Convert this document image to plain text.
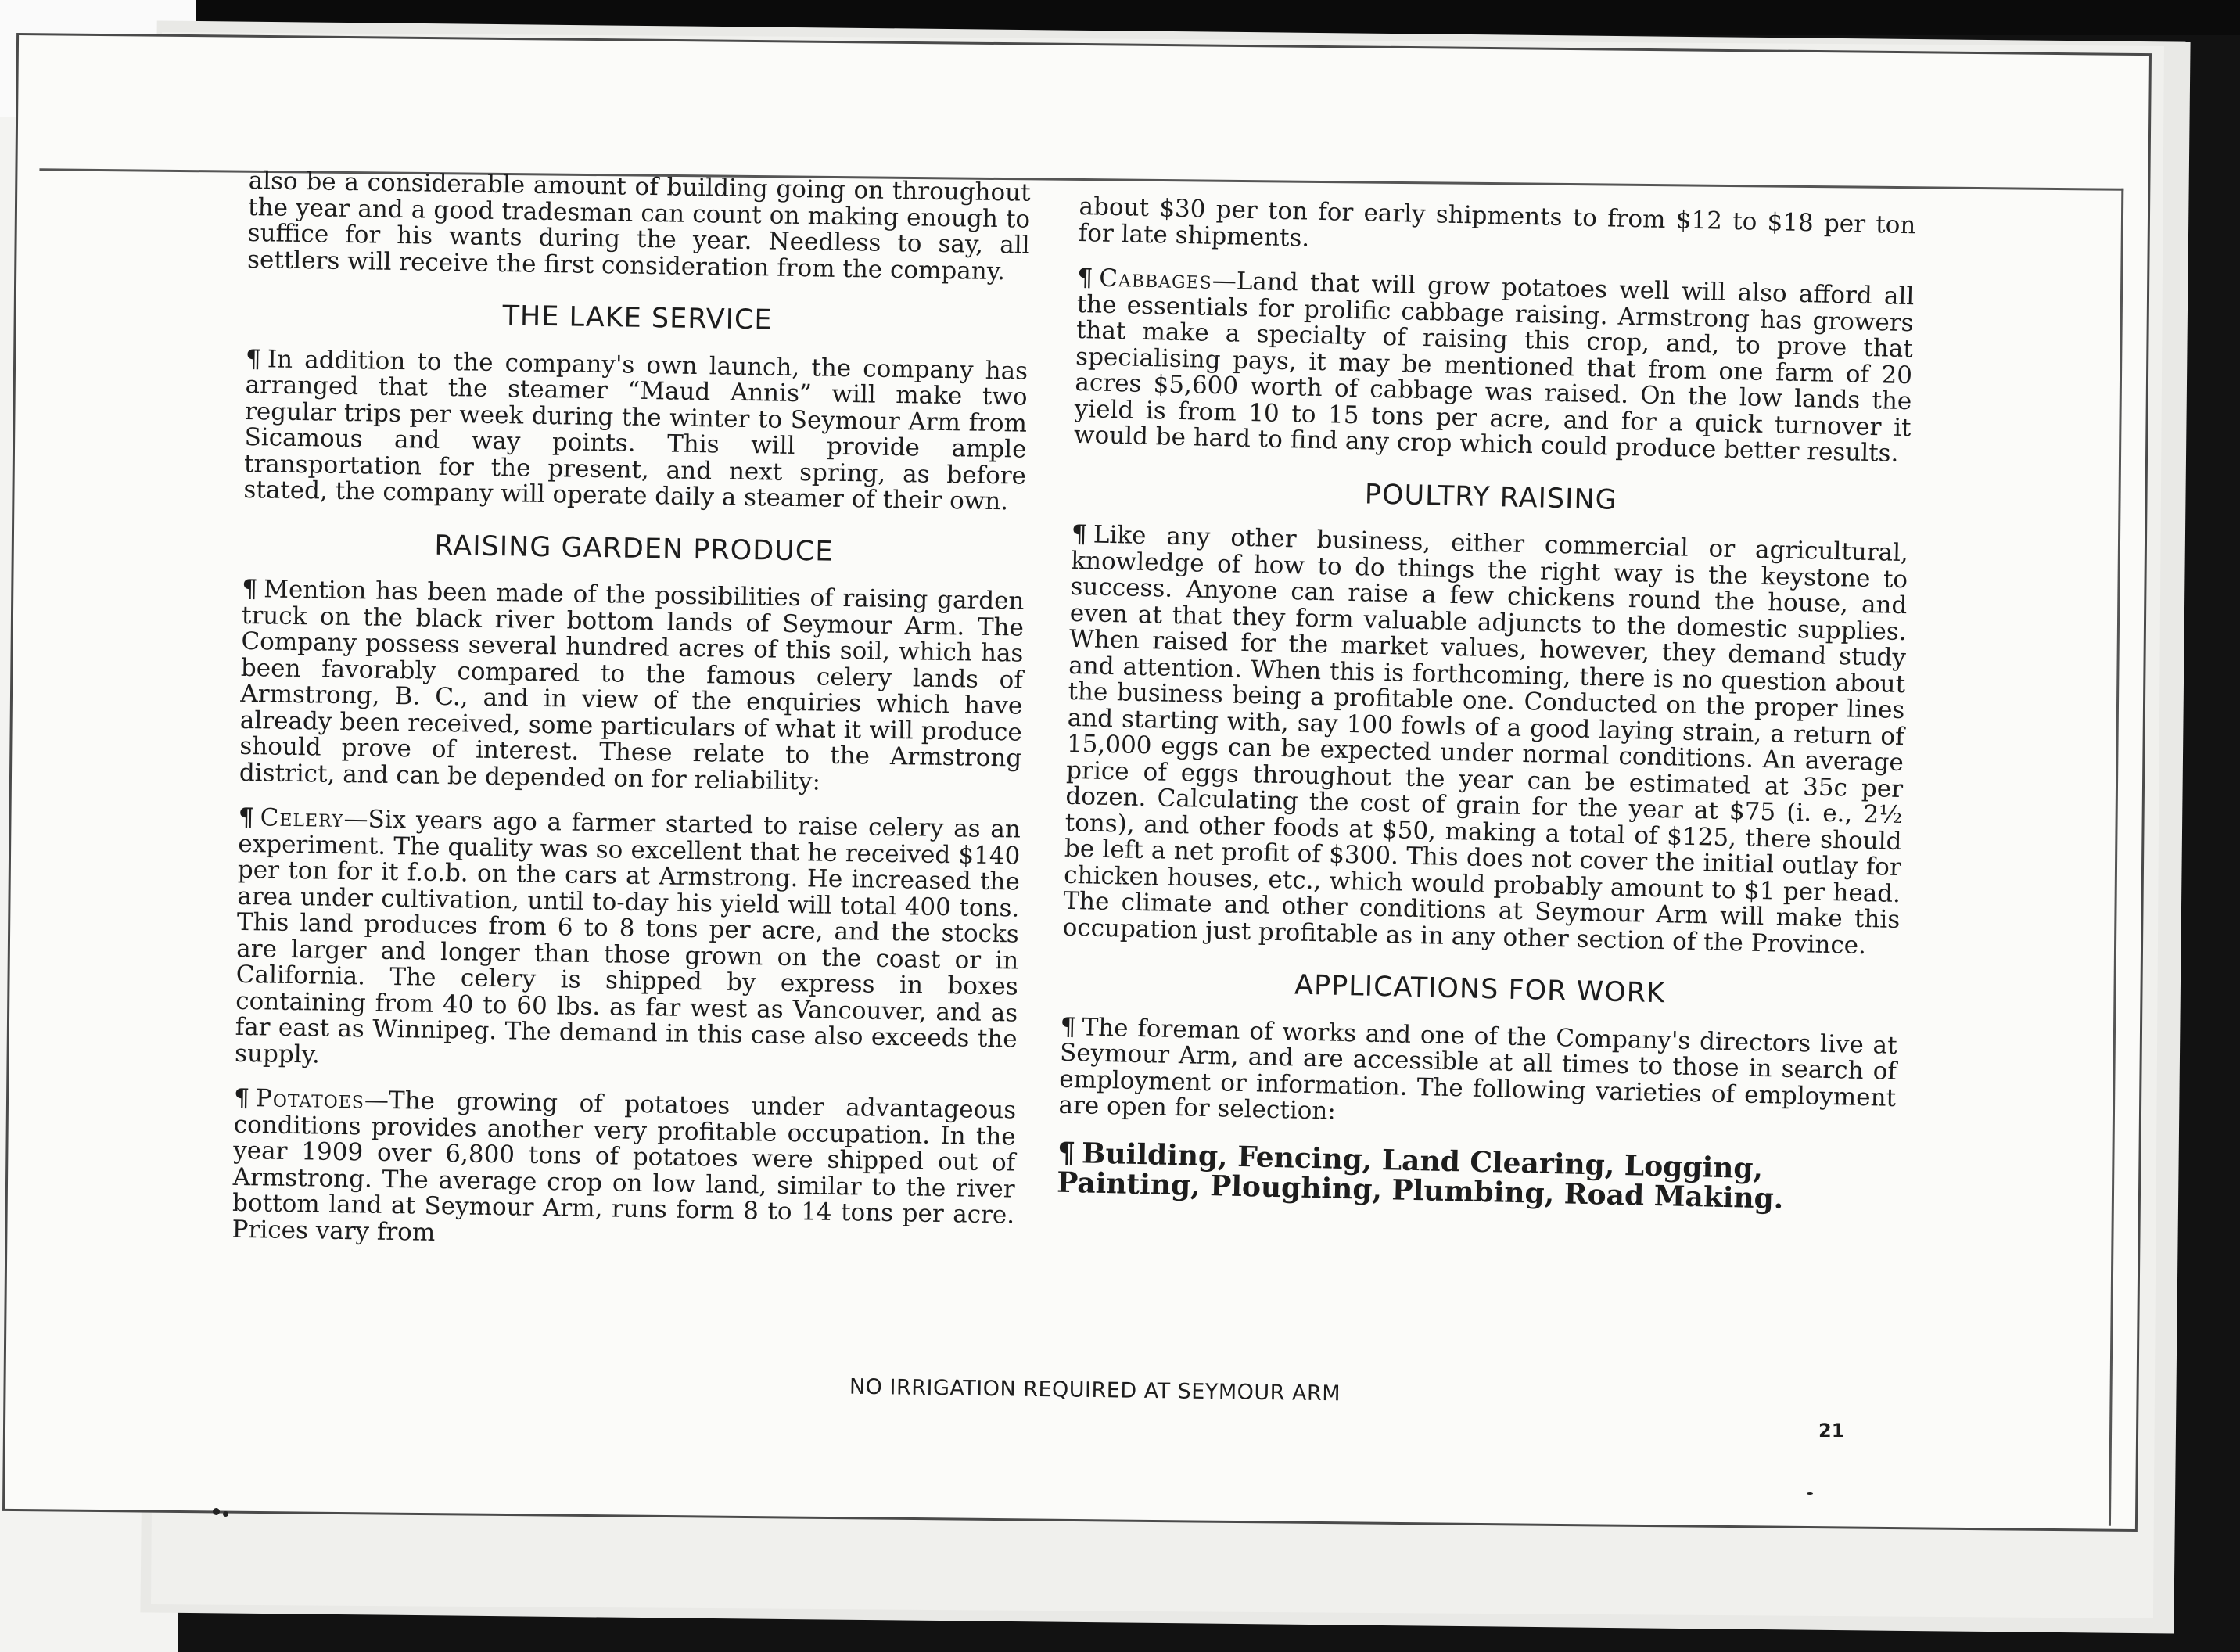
also be a considerable amount of building going on throughout the year and a good tradesman can count on making enough to suffice for his wants during the year. Needless to say, all settlers will receive the first consideration from the company.

THE LAKE SERVICE

¶ In addition to the company's own launch, the company has arranged that the steamer “Maud Annis” will make two regular trips per week during the winter to Seymour Arm from Sicamous and way points. This will provide ample transportation for the present, and next spring, as before stated, the company will operate daily a steamer of their own.

RAISING GARDEN PRODUCE

¶ Mention has been made of the possibilities of raising garden truck on the black river bottom lands of Seymour Arm. The Company possess several hundred acres of this soil, which has been favorably compared to the famous celery lands of Armstrong, B. C., and in view of the enquiries which have already been received, some particulars of what it will produce should prove of interest. These relate to the Armstrong district, and can be depended on for reliability:

¶ Celery—Six years ago a farmer started to raise celery as an experiment. The quality was so excellent that he received $140 per ton for it f.o.b. on the cars at Armstrong. He increased the area under cultivation, until to-day his yield will total 400 tons. This land produces from 6 to 8 tons per acre, and the stocks are larger and longer than those grown on the coast or in California. The celery is shipped by express in boxes containing from 40 to 60 lbs. as far west as Vancouver, and as far east as Winnipeg. The demand in this case also exceeds the supply.

¶ Potatoes—The growing of potatoes under advantageous conditions provides another very profitable occupation. In the year 1909 over 6,800 tons of potatoes were shipped out of Armstrong. The average crop on low land, similar to the river bottom land at Seymour Arm, runs form 8 to 14 tons per acre. Prices vary from

about $30 per ton for early shipments to from $12 to $18 per ton for late shipments.

¶ Cabbages—Land that will grow potatoes well will also afford all the essentials for prolific cabbage raising. Armstrong has growers that make a specialty of raising this crop, and, to prove that specialising pays, it may be mentioned that from one farm of 20 acres $5,600 worth of cabbage was raised. On the low lands the yield is from 10 to 15 tons per acre, and for a quick turnover it would be hard to find any crop which could produce better results.

POULTRY RAISING

¶ Like any other business, either commercial or agricultural, knowledge of how to do things the right way is the keystone to success. Anyone can raise a few chickens round the house, and even at that they form valuable adjuncts to the domestic supplies. When raised for the market values, however, they demand study and attention. When this is forthcoming, there is no question about the business being a profitable one. Conducted on the proper lines and starting with, say 100 fowls of a good laying strain, a return of 15,000 eggs can be expected under normal conditions. An average price of eggs throughout the year can be estimated at 35c per dozen. Calculating the cost of grain for the year at $75 (i. e., 2½ tons), and other foods at $50, making a total of $125, there should be left a net profit of $300. This does not cover the initial outlay for chicken houses, etc., which would probably amount to $1 per head. The climate and other conditions at Seymour Arm will make this occupation just profitable as in any other section of the Province.

APPLICATIONS FOR WORK

¶ The foreman of works and one of the Company's directors live at Seymour Arm, and are accessible at all times to those in search of employment or information. The following varieties of employment are open for selection:

¶ Building, Fencing, Land Clearing, Logging, Painting, Ploughing, Plumbing, Road Making.

NO IRRIGATION REQUIRED AT SEYMOUR ARM
21
